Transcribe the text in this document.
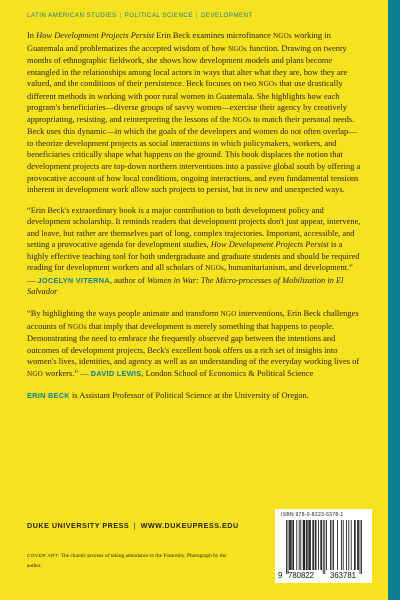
LATIN AMERICAN STUDIES | POLITICAL SCIENCE | DEVELOPMENT

In How Development Projects Persist Erin Beck examines microfinance NGOs working in Guatemala and problematizes the accepted wisdom of how NGOs function. Drawing on twenty months of ethnographic fieldwork, she shows how development models and plans become entangled in the relationships among local actors in ways that alter what they are, how they are valued, and the conditions of their persistence. Beck focuses on two NGOs that use drastically different methods in working with poor rural women in Guatemala. She highlights how each program's beneficiaries—diverse groups of savvy women—exercise their agency by creatively appropriating, resisting, and reinterpreting the lessons of the NGOs to match their personal needs. Beck uses this dynamic—in which the goals of the developers and women do not often overlap—to theorize development projects as social interactions in which policymakers, workers, and beneficiaries critically shape what happens on the ground. This book displaces the notion that development projects are top-down northern interventions into a passive global south by offering a provocative account of how local conditions, ongoing interactions, and even fundamental tensions inherent in development work allow such projects to persist, but in new and unexpected ways.

“Erin Beck's extraordinary book is a major contribution to both development policy and development scholarship. It reminds readers that development projects don't just appear, intervene, and leave, but rather are themselves part of long, complex trajectories. Important, accessible, and setting a provocative agenda for development studies, How Development Projects Persist is a highly effective teaching tool for both undergraduate and graduate students and should be required reading for development workers and all scholars of NGOs, humanitarianism, and development.” — JOCELYN VITERNA, author of Women in War: The Micro-processes of Mobilization in El Salvador

“By highlighting the ways people animate and transform NGO interventions, Erin Beck challenges accounts of NGOs that imply that development is merely something that happens to people. Demonstrating the need to embrace the frequently observed gap between the intentions and outcomes of development projects, Beck's excellent book offers us a rich set of insights into women's lives, identities, and agency as well as an understanding of the everyday working lives of NGO workers.” — DAVID LEWIS, London School of Economics & Political Science

ERIN BECK is Assistant Professor of Political Science at the University of Oregon.

DUKE UNIVERSITY PRESS | WWW.DUKEUPRESS.EDU
COVER ART: The chaotic process of taking attendance in the Fraternity. Photograph by the author.
ISBN 978-0-8223-6378-1
9 780822 363781
